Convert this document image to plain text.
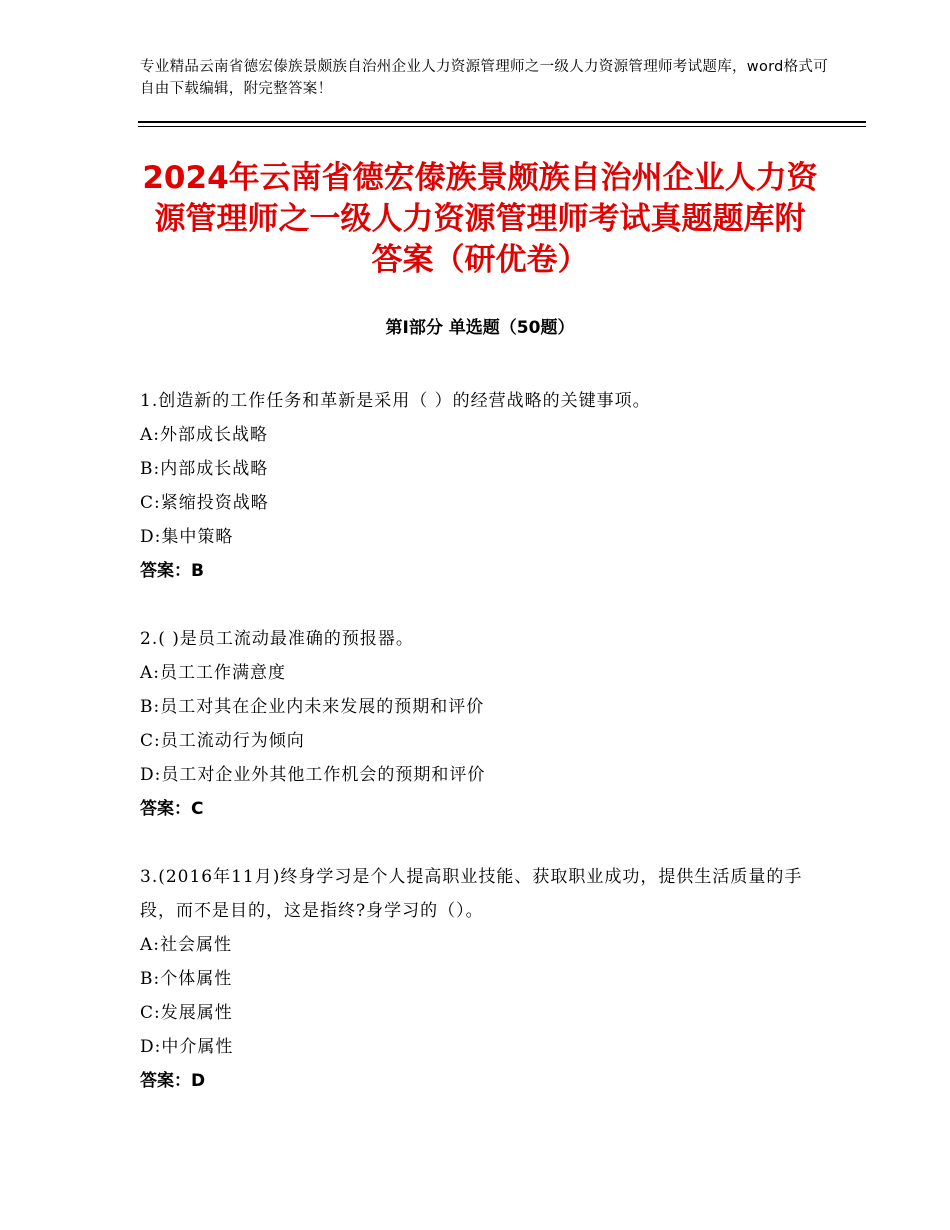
专业精品云南省德宏傣族景颇族自治州企业人力资源管理师之一级人力资源管理师考试题库，word格式可自由下载编辑，附完整答案！
2024年云南省德宏傣族景颇族自治州企业人力资源管理师之一级人力资源管理师考试真题题库附答案（研优卷）
第Ⅰ部分 单选题（50题）

1.创造新的工作任务和革新是采用（ ）的经营战略的关键事项。

A:外部成长战略

B:内部成长战略

C:紧缩投资战略

D:集中策略

答案：B

2.( )是员工流动最准确的预报器。

A:员工工作满意度

B:员工对其在企业内未来发展的预期和评价

C:员工流动行为倾向

D:员工对企业外其他工作机会的预期和评价

答案：C

3.(2016年11月)终身学习是个人提高职业技能、获取职业成功，提供生活质量的手段，而不是目的，这是指终?身学习的（）。

A:社会属性

B:个体属性

C:发展属性

D:中介属性

答案：D
